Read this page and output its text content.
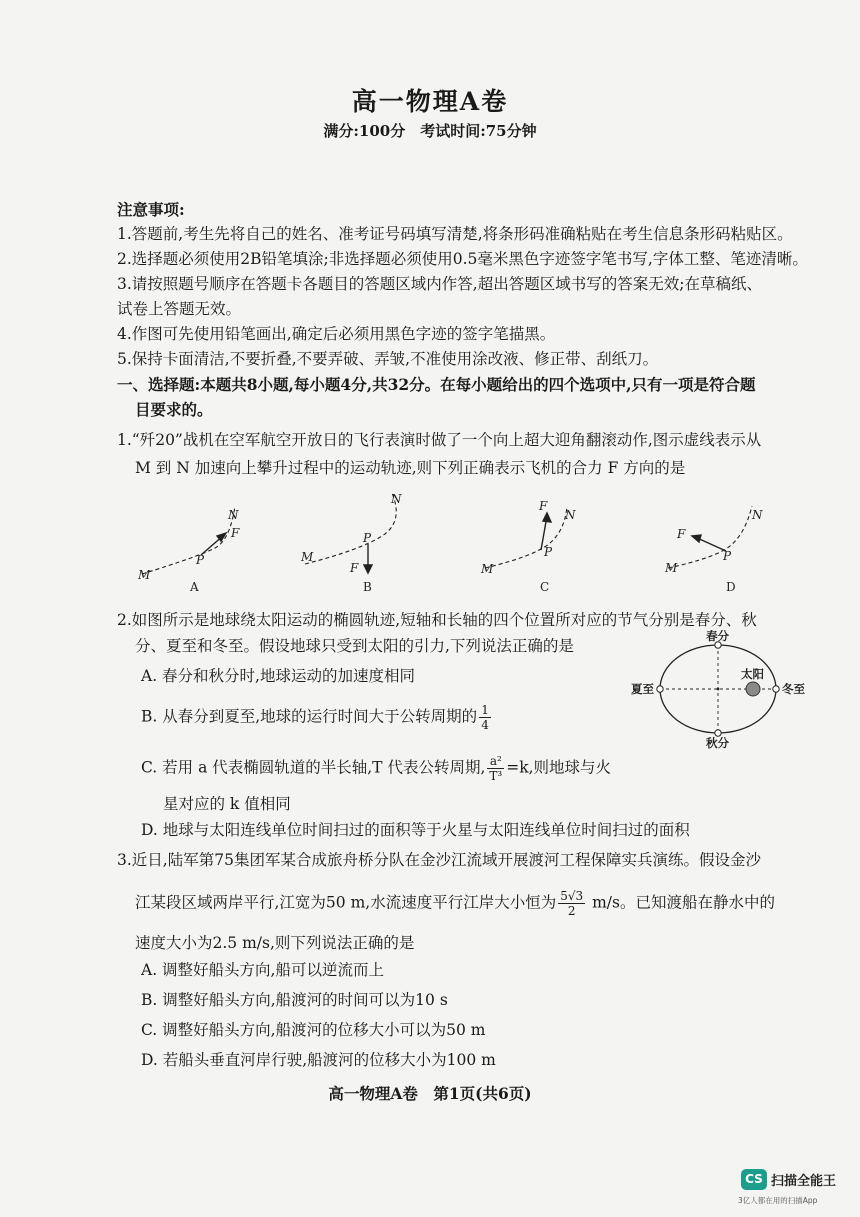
高一物理A卷
满分:100分　考试时间:75分钟
注意事项:
1.答题前,考生先将自己的姓名、准考证号码填写清楚,将条形码准确粘贴在考生信息条形码粘贴区。
2.选择题必须使用2B铅笔填涂;非选择题必须使用0.5毫米黑色字迹签字笔书写,字体工整、笔迹清晰。
3.请按照题号顺序在答题卡各题目的答题区域内作答,超出答题区域书写的答案无效;在草稿纸、
试卷上答题无效。
4.作图可先使用铅笔画出,确定后必须用黑色字迹的签字笔描黑。
5.保持卡面清洁,不要折叠,不要弄破、弄皱,不准使用涂改液、修正带、刮纸刀。
一、选择题:本题共8小题,每小题4分,共32分。在每小题给出的四个选项中,只有一项是符合题
目要求的。
1.“歼20”战机在空军航空开放日的飞行表演时做了一个向上超大迎角翻滚动作,图示虚线表示从
M 到 N 加速向上攀升过程中的运动轨迹,则下列正确表示飞机的合力 F 方向的是
M
N
P
F
M
N
P
F	M
N
P
F
M
N
P
F
A	B	C	D
2.如图所示是地球绕太阳运动的椭圆轨迹,短轴和长轴的四个位置所对应的节气分别是春分、秋
分、夏至和冬至。假设地球只受到太阳的引力,下列说法正确的是
A. 春分和秋分时,地球运动的加速度相同
B. 从春分到夏至,地球的运行时间大于公转周期的 $\frac{1}{4}$
C. 若用 a 代表椭圆轨道的半长轴,T 代表公转周期, $\frac{\text{a²}}{\text{T³}} =k$,则地球与火
星对应的 k 值相同
D. 地球与太阳连线单位时间扫过的面积等于火星与太阳连线单位时间扫过的面积
春分
秋分
夏至	冬至
太阳
3.近日,陆军第75集团军某合成旅舟桥分队在金沙江流域开展渡河工程保障实兵演练。假设金沙
江某段区域两岸平行,江宽为50 m,水流速度平行江岸大小恒为 $\frac{5√3}{2} m/s$。已知渡船在静水中的
速度大小为2.5 m/s,则下列说法正确的是
A. 调整好船头方向,船可以逆流而上
B. 调整好船头方向,船渡河的时间可以为10 s
C. 调整好船头方向,船渡河的位移大小可以为50 m
D. 若船头垂直河岸行驶,船渡河的位移大小为100 m
高一物理A卷　第1页(共6页)
CS 扫描全能王
3亿人都在用的扫描App
